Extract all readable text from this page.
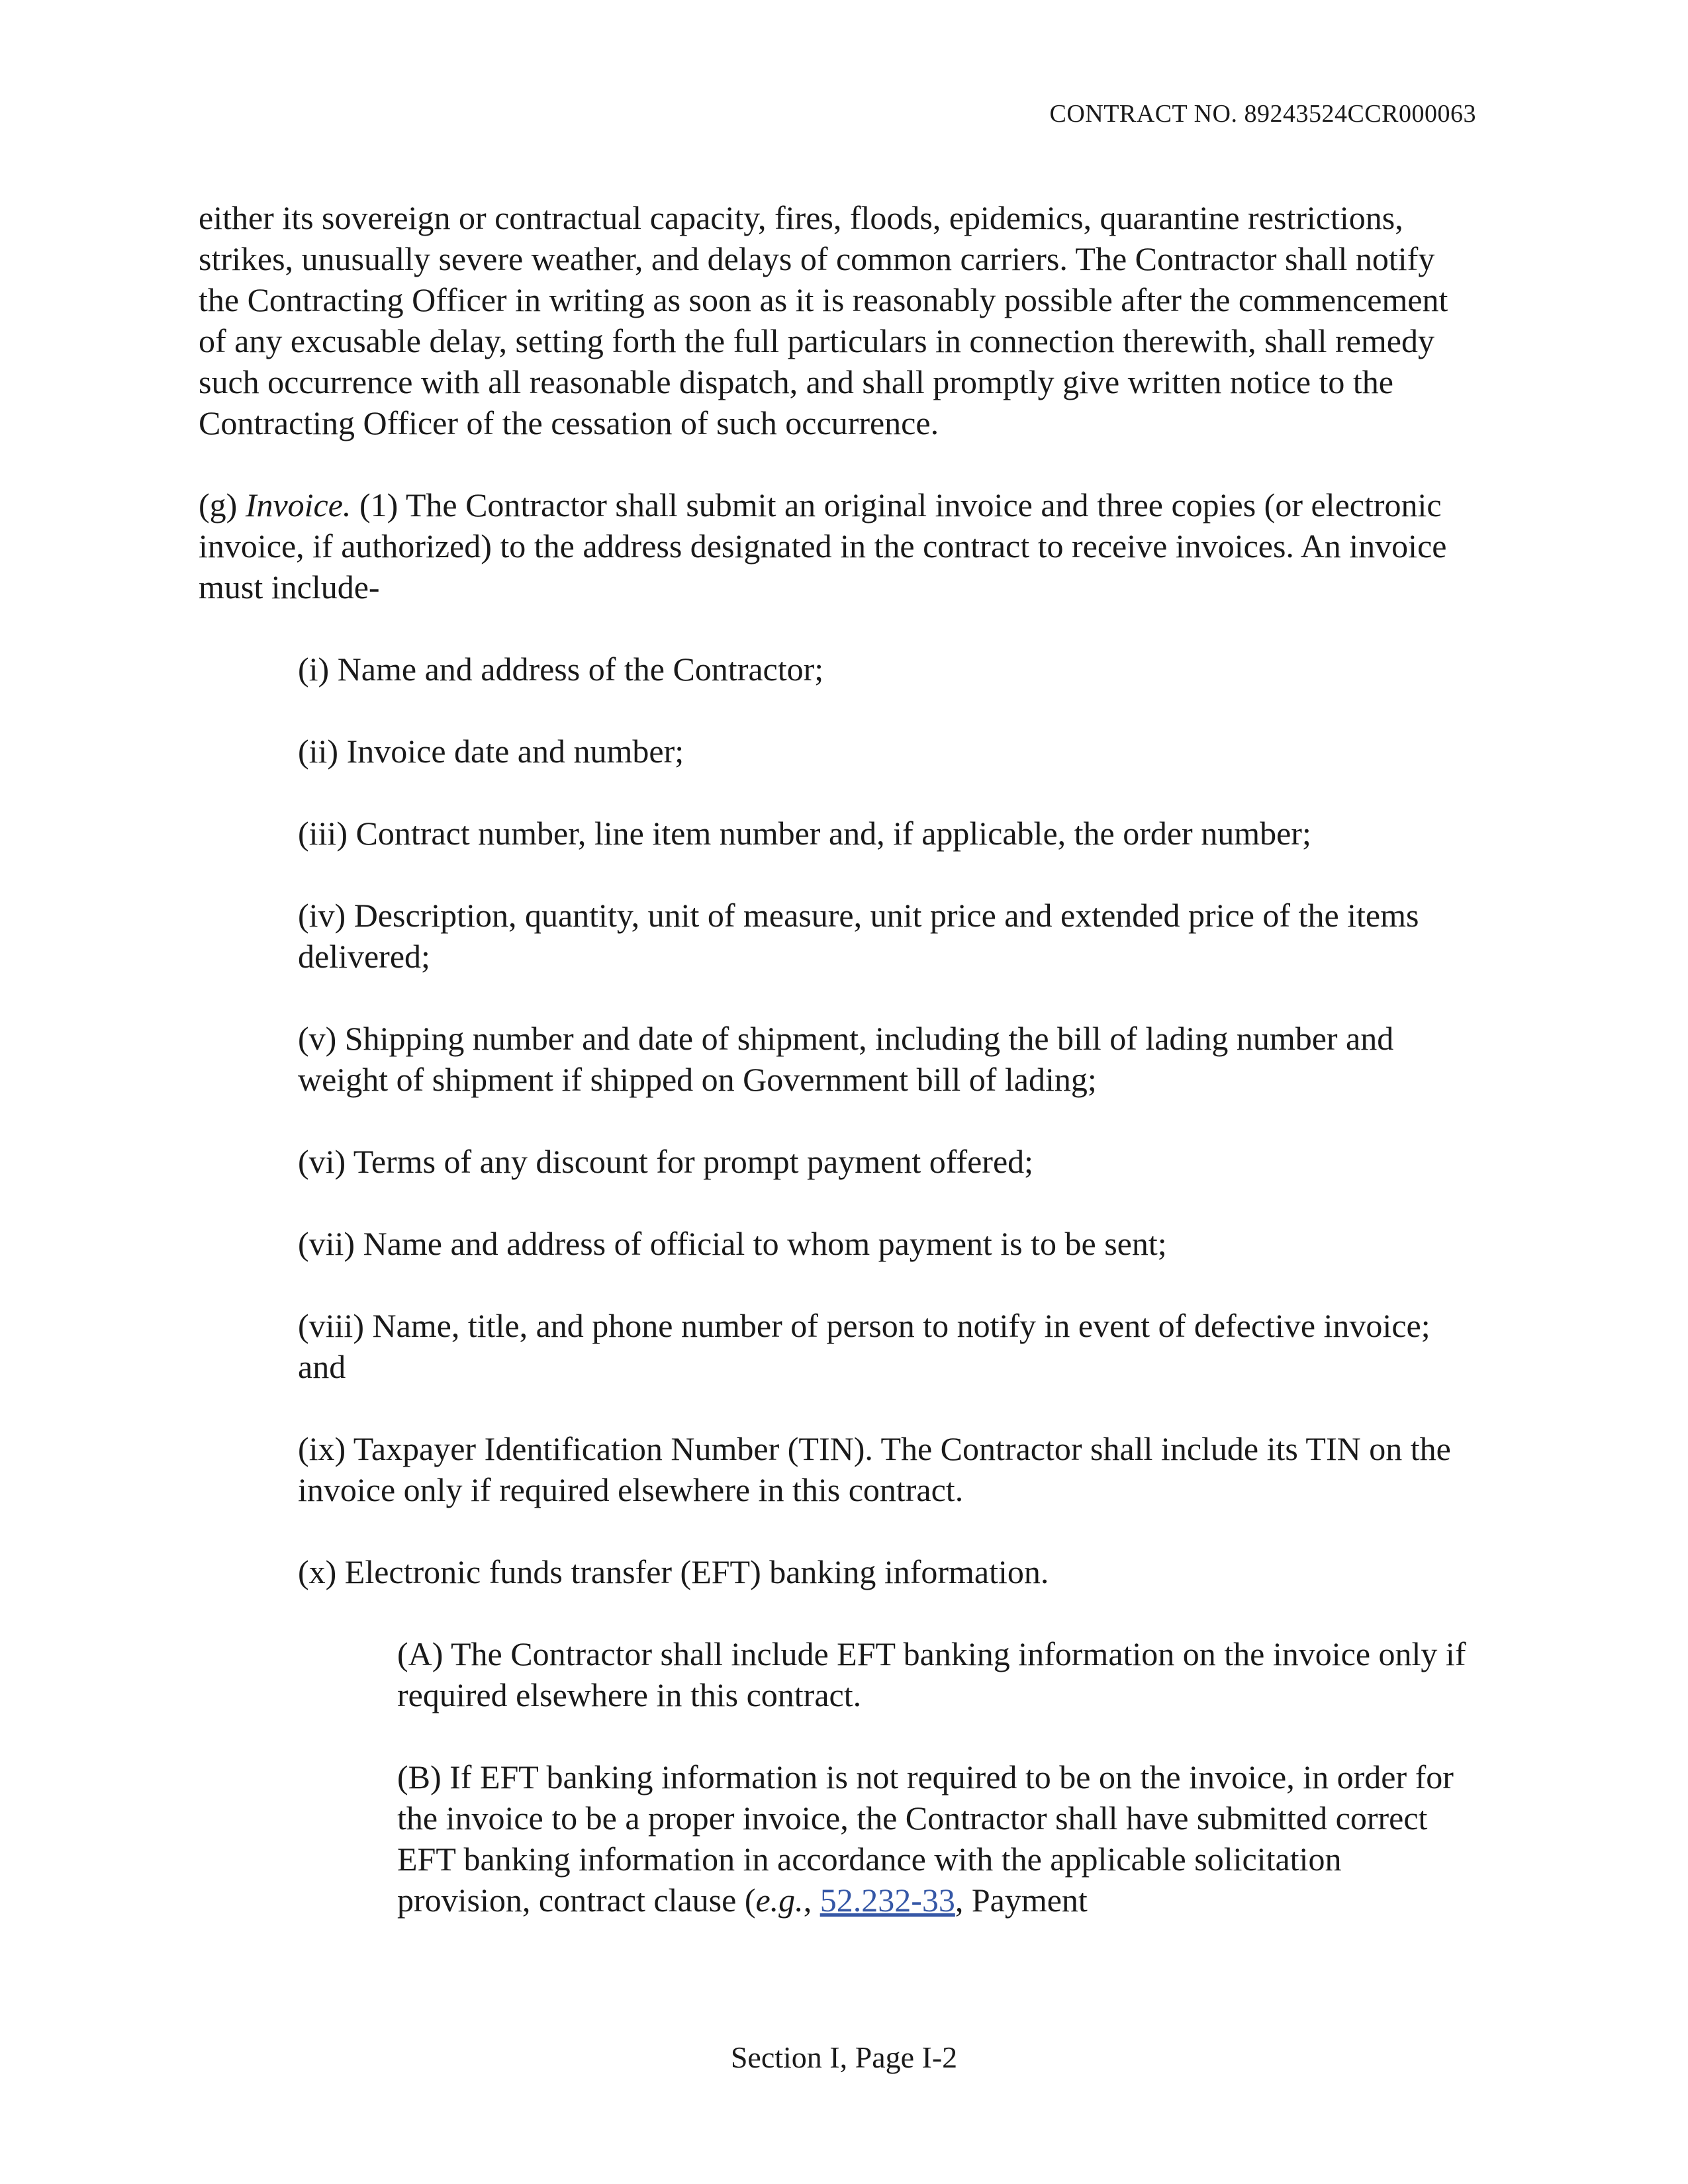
CONTRACT NO. 89243524CCR000063

either its sovereign or contractual capacity, fires, floods, epidemics, quarantine restrictions, strikes, unusually severe weather, and delays of common carriers. The Contractor shall notify the Contracting Officer in writing as soon as it is reasonably possible after the commencement of any excusable delay, setting forth the full particulars in connection therewith, shall remedy such occurrence with all reasonable dispatch, and shall promptly give written notice to the Contracting Officer of the cessation of such occurrence.

(g) Invoice. (1) The Contractor shall submit an original invoice and three copies (or electronic invoice, if authorized) to the address designated in the contract to receive invoices. An invoice must include-

(i) Name and address of the Contractor;

(ii) Invoice date and number;

(iii) Contract number, line item number and, if applicable, the order number;

(iv) Description, quantity, unit of measure, unit price and extended price of the items delivered;

(v) Shipping number and date of shipment, including the bill of lading number and weight of shipment if shipped on Government bill of lading;

(vi) Terms of any discount for prompt payment offered;

(vii) Name and address of official to whom payment is to be sent;

(viii) Name, title, and phone number of person to notify in event of defective invoice; and

(ix) Taxpayer Identification Number (TIN). The Contractor shall include its TIN on the invoice only if required elsewhere in this contract.

(x) Electronic funds transfer (EFT) banking information.

(A) The Contractor shall include EFT banking information on the invoice only if required elsewhere in this contract.

(B) If EFT banking information is not required to be on the invoice, in order for the invoice to be a proper invoice, the Contractor shall have submitted correct EFT banking information in accordance with the applicable solicitation provision, contract clause (e.g., 52.232-33, Payment

Section I, Page I-2
